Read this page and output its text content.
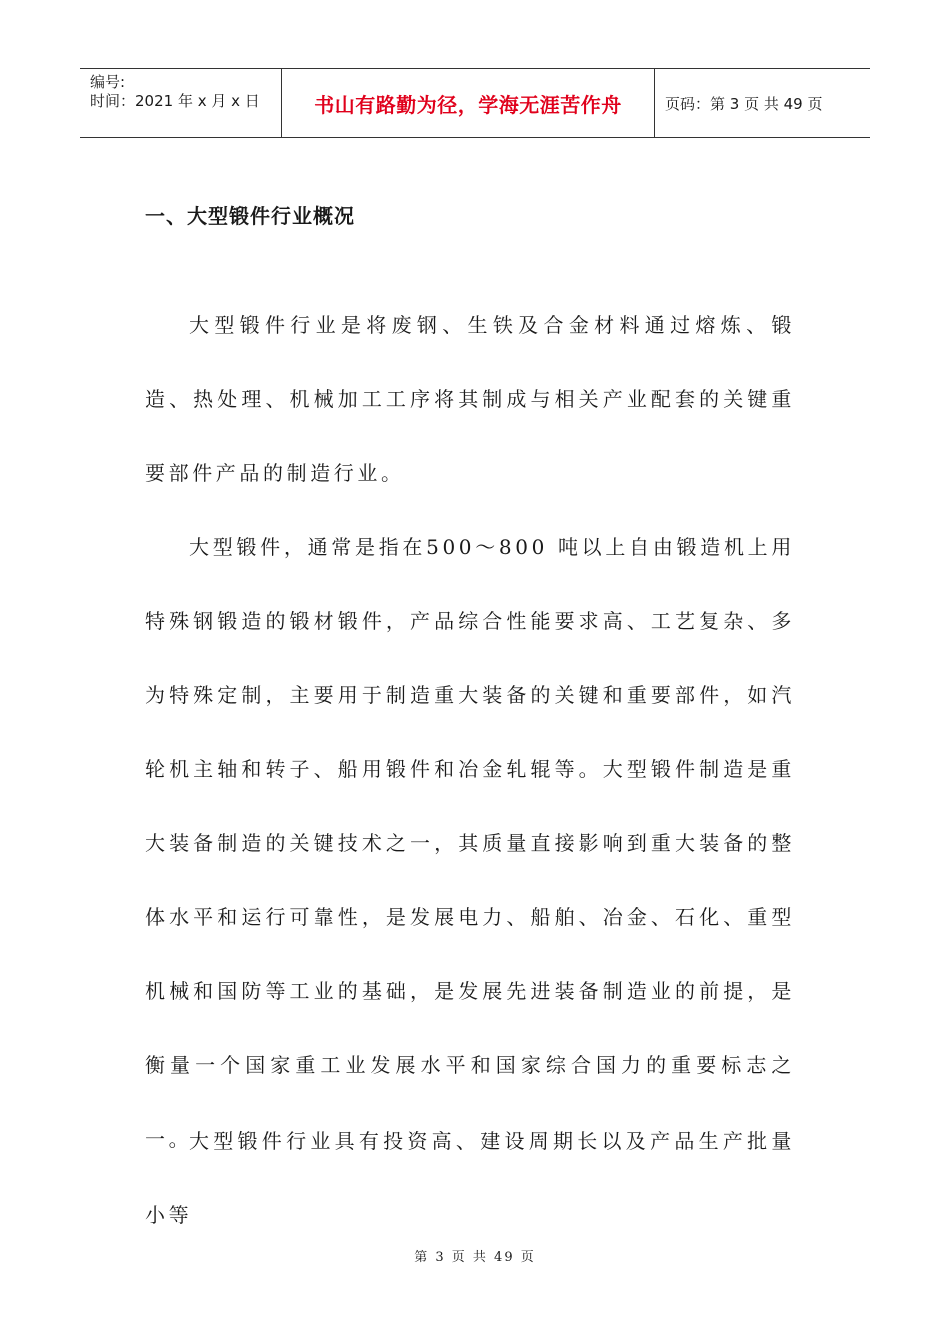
编号:
时间：2021 年 x 月 x 日	书山有路勤为径，学海无涯苦作舟	页码：第 3 页 共 49 页
一、大型锻件行业概况

大型锻件行业是将废钢、生铁及合金材料通过熔炼、锻造、热处理、机械加工工序将其制成与相关产业配套的关键重要部件产品的制造行业。

大型锻件，通常是指在500～800 吨以上自由锻造机上用特殊钢锻造的锻材锻件，产品综合性能要求高、工艺复杂、多为特殊定制，主要用于制造重大装备的关键和重要部件，如汽轮机主轴和转子、船用锻件和冶金轧辊等。大型锻件制造是重大装备制造的关键技术之一，其质量直接影响到重大装备的整体水平和运行可靠性，是发展电力、船舶、冶金、石化、重型机械和国防等工业的基础，是发展先进装备制造业的前提，是衡量一个国家重工业发展水平和国家综合国力的重要标志之一。

大型锻件行业具有投资高、建设周期长以及产品生产批量小等

第 3 页 共 49 页
